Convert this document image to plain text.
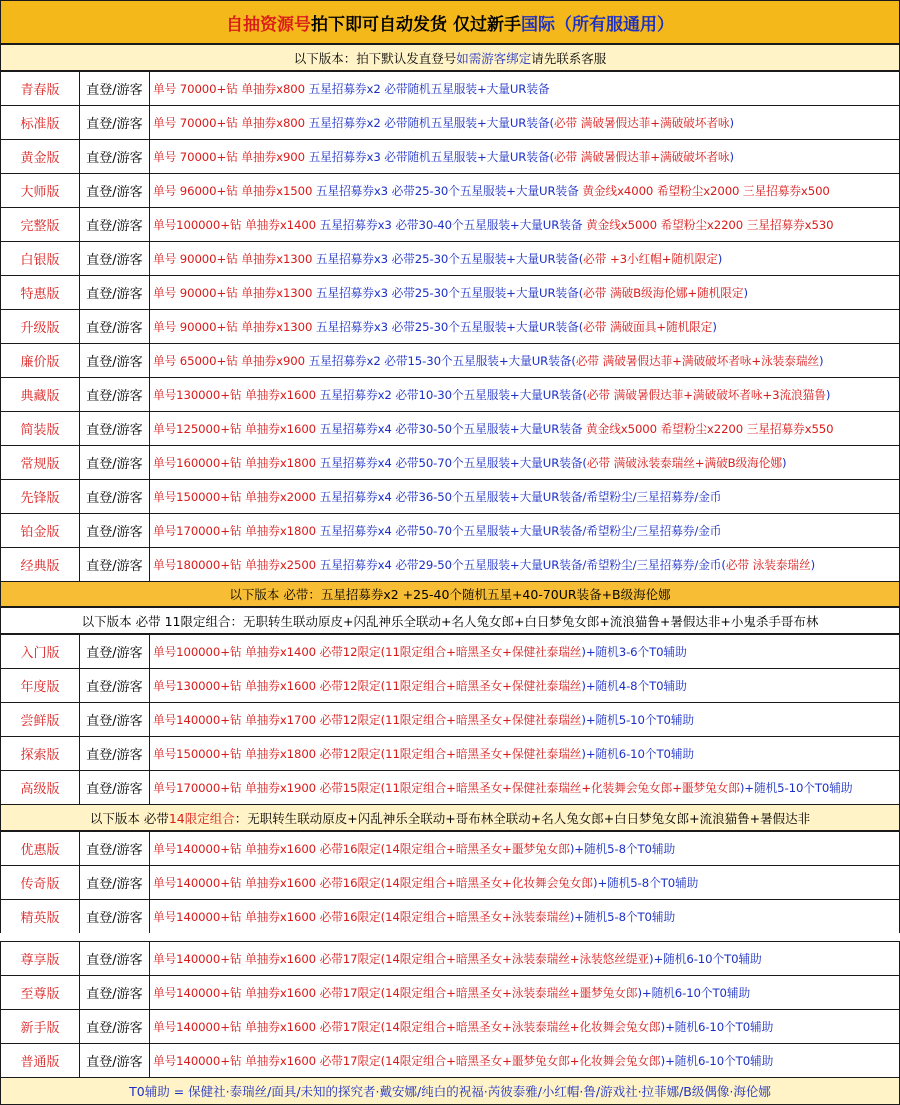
自抽资源号 拍下即可自动发货 仅过新手 国际（所有服通用）
以下版本：拍下默认发直登号 如需游客绑定 请先联系客服
青春版	直登/游客 单号 70000+钻 单抽券x800 五星招募券x2 必带随机五星服装+大量UR装备
标准版	直登/游客 单号 70000+钻 单抽券x800 五星招募券x2 必带随机五星服装+大量UR装备(必带 满破暑假达菲+满破破坏者咏)
黄金版	直登/游客 单号 70000+钻 单抽券x900 五星招募券x3 必带随机五星服装+大量UR装备(必带 满破暑假达菲+满破破坏者咏)
大师版	直登/游客 单号 96000+钻 单抽券x1500 五星招募券x3 必带25-30个五星服装+大量UR装备 黄金线x4000 希望粉尘x2000 三星招募券x500
完整版	直登/游客 单号100000+钻 单抽券x1400 五星招募券x3 必带30-40个五星服装+大量UR装备 黄金线x5000 希望粉尘x2200 三星招募券x530
白银版	直登/游客 单号 90000+钻 单抽券x1300 五星招募券x3 必带25-30个五星服装+大量UR装备(必带 +3小红帽+随机限定)
特惠版	直登/游客 单号 90000+钻 单抽券x1300 五星招募券x3 必带25-30个五星服装+大量UR装备(必带 满破B级海伦娜+随机限定)
升级版	直登/游客 单号 90000+钻 单抽券x1300 五星招募券x3 必带25-30个五星服装+大量UR装备(必带 满破面具+随机限定)
廉价版	直登/游客 单号 65000+钻 单抽券x900 五星招募券x2 必带15-30个五星服装+大量UR装备(必带 满破暑假达菲+满破破坏者咏+泳装泰瑞丝)
典藏版	直登/游客 单号130000+钻 单抽券x1600 五星招募券x2 必带10-30个五星服装+大量UR装备(必带 满破暑假达菲+满破破坏者咏+3流浪猫鲁)
简装版	直登/游客 单号125000+钻 单抽券x1600 五星招募券x4 必带30-50个五星服装+大量UR装备 黄金线x5000 希望粉尘x2200 三星招募券x550
常规版	直登/游客 单号160000+钻 单抽券x1800 五星招募券x4 必带50-70个五星服装+大量UR装备(必带 满破泳装泰瑞丝+满破B级海伦娜)
先锋版	直登/游客 单号150000+钻 单抽券x2000 五星招募券x4 必带36-50个五星服装+大量UR装备/希望粉尘/三星招募券/金币
铂金版	直登/游客 单号170000+钻 单抽券x1800 五星招募券x4 必带50-70个五星服装+大量UR装备/希望粉尘/三星招募券/金币
经典版	直登/游客 单号180000+钻 单抽券x2500 五星招募券x4 必带29-50个五星服装+大量UR装备/希望粉尘/三星招募券/金币(必带 泳装泰瑞丝)
以下版本 必带：五星招募券x2 +25-40个随机五星+40-70UR装备+B级海伦娜
以下版本 必带 11限定组合：无职转生联动原皮+闪乱神乐全联动+名人兔女郎+白日梦兔女郎+流浪猫鲁+暑假达非+小鬼杀手哥布林
入门版	直登/游客 单号100000+钻 单抽券x1400 必带12限定(11限定组合+暗黑圣女+保健社泰瑞丝)+随机3-6个T0辅助
年度版	直登/游客 单号130000+钻 单抽券x1600 必带12限定(11限定组合+暗黑圣女+保健社泰瑞丝)+随机4-8个T0辅助
尝鲜版	直登/游客 单号140000+钻 单抽券x1700 必带12限定(11限定组合+暗黑圣女+保健社泰瑞丝)+随机5-10个T0辅助
探索版	直登/游客 单号150000+钻 单抽券x1800 必带12限定(11限定组合+暗黑圣女+保健社泰瑞丝)+随机6-10个T0辅助
高级版	直登/游客 单号170000+钻 单抽券x1900 必带15限定(11限定组合+暗黑圣女+保健社泰瑞丝+化装舞会兔女郎+噩梦兔女郎)+随机5-10个T0辅助
以下版本 必带 14限定组合 ：无职转生联动原皮+闪乱神乐全联动+哥布林全联动+名人兔女郎+白日梦兔女郎+流浪猫鲁+暑假达非
优惠版	直登/游客 单号140000+钻 单抽券x1600 必带16限定(14限定组合+暗黑圣女+噩梦兔女郎)+随机5-8个T0辅助
传奇版	直登/游客 单号140000+钻 单抽券x1600 必带16限定(14限定组合+暗黑圣女+化妆舞会兔女郎)+随机5-8个T0辅助
精英版	直登/游客 单号140000+钻 单抽券x1600 必带16限定(14限定组合+暗黑圣女+泳装泰瑞丝)+随机5-8个T0辅助
尊享版	直登/游客 单号140000+钻 单抽券x1600 必带17限定(14限定组合+暗黑圣女+泳装泰瑞丝+泳装悠丝缇亚)+随机6-10个T0辅助
至尊版	直登/游客 单号140000+钻 单抽券x1600 必带17限定(14限定组合+暗黑圣女+泳装泰瑞丝+噩梦兔女郎)+随机6-10个T0辅助
新手版	直登/游客 单号140000+钻 单抽券x1600 必带17限定(14限定组合+暗黑圣女+泳装泰瑞丝+化妆舞会兔女郎)+随机6-10个T0辅助
普通版	直登/游客 单号140000+钻 单抽券x1600 必带17限定(14限定组合+暗黑圣女+噩梦兔女郎+化妆舞会兔女郎)+随机6-10个T0辅助
T0辅助 = 保健社·泰瑞丝/面具/未知的探究者·戴安娜/纯白的祝福·芮彼泰雅/小红帽·鲁/游戏社·拉菲娜/B级偶像·海伦娜
